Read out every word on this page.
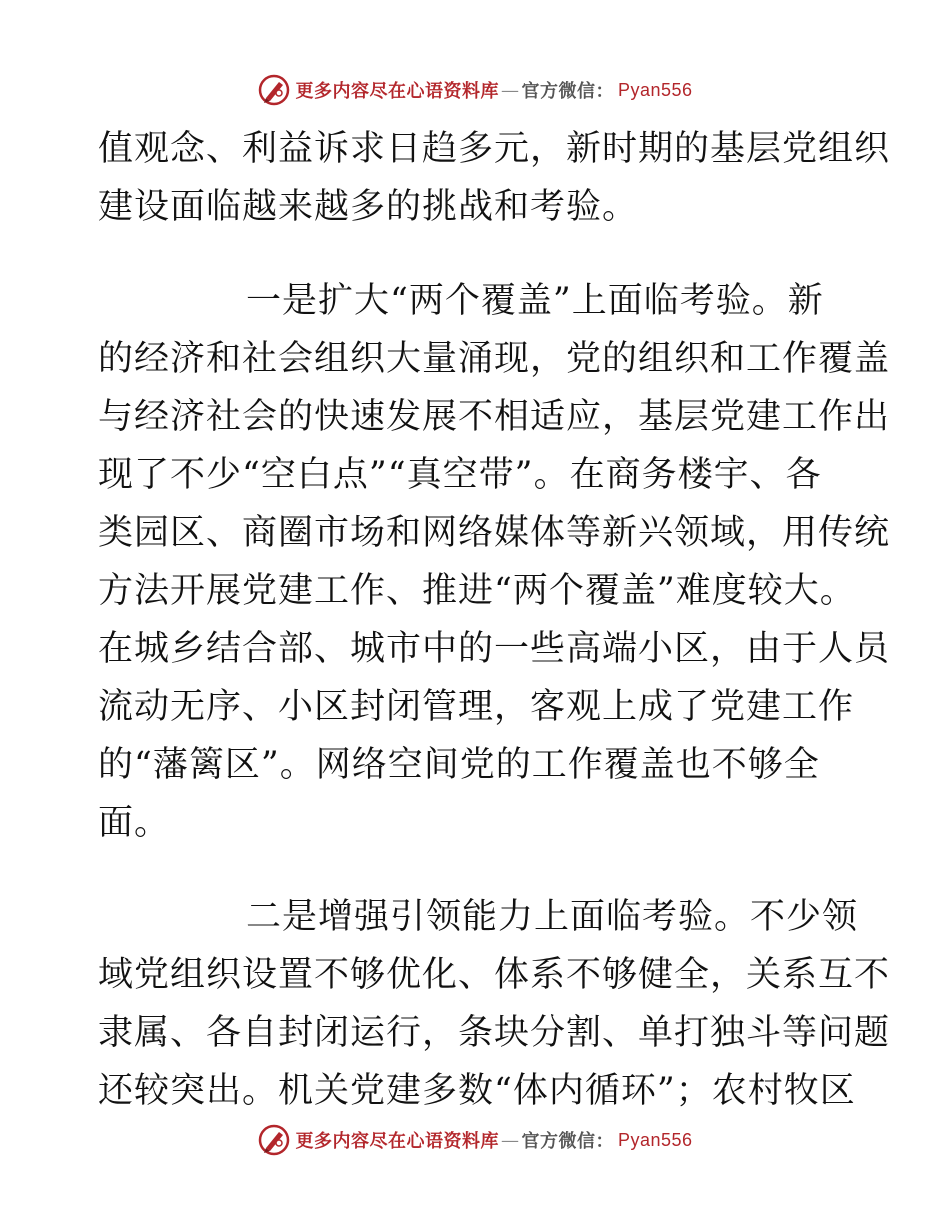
更多内容尽在心语资料库 — 官方微信： Pyan556
值观念、利益诉求日趋多元，新时期的基层党组织
建设面临越来越多的挑战和考验。
一是扩大“两个覆盖”上面临考验。新
的经济和社会组织大量涌现，党的组织和工作覆盖
与经济社会的快速发展不相适应，基层党建工作出
现了不少“空白点”“真空带”。在商务楼宇、各
类园区、商圈市场和网络媒体等新兴领域，用传统
方法开展党建工作、推进“两个覆盖”难度较大。
在城乡结合部、城市中的一些高端小区，由于人员
流动无序、小区封闭管理，客观上成了党建工作
的“藩篱区”。网络空间党的工作覆盖也不够全
面。
二是增强引领能力上面临考验。不少领
域党组织设置不够优化、体系不够健全，关系互不
隶属、各自封闭运行，条块分割、单打独斗等问题
还较突出。机关党建多数“体内循环”；农村牧区
更多内容尽在心语资料库 — 官方微信： Pyan556
